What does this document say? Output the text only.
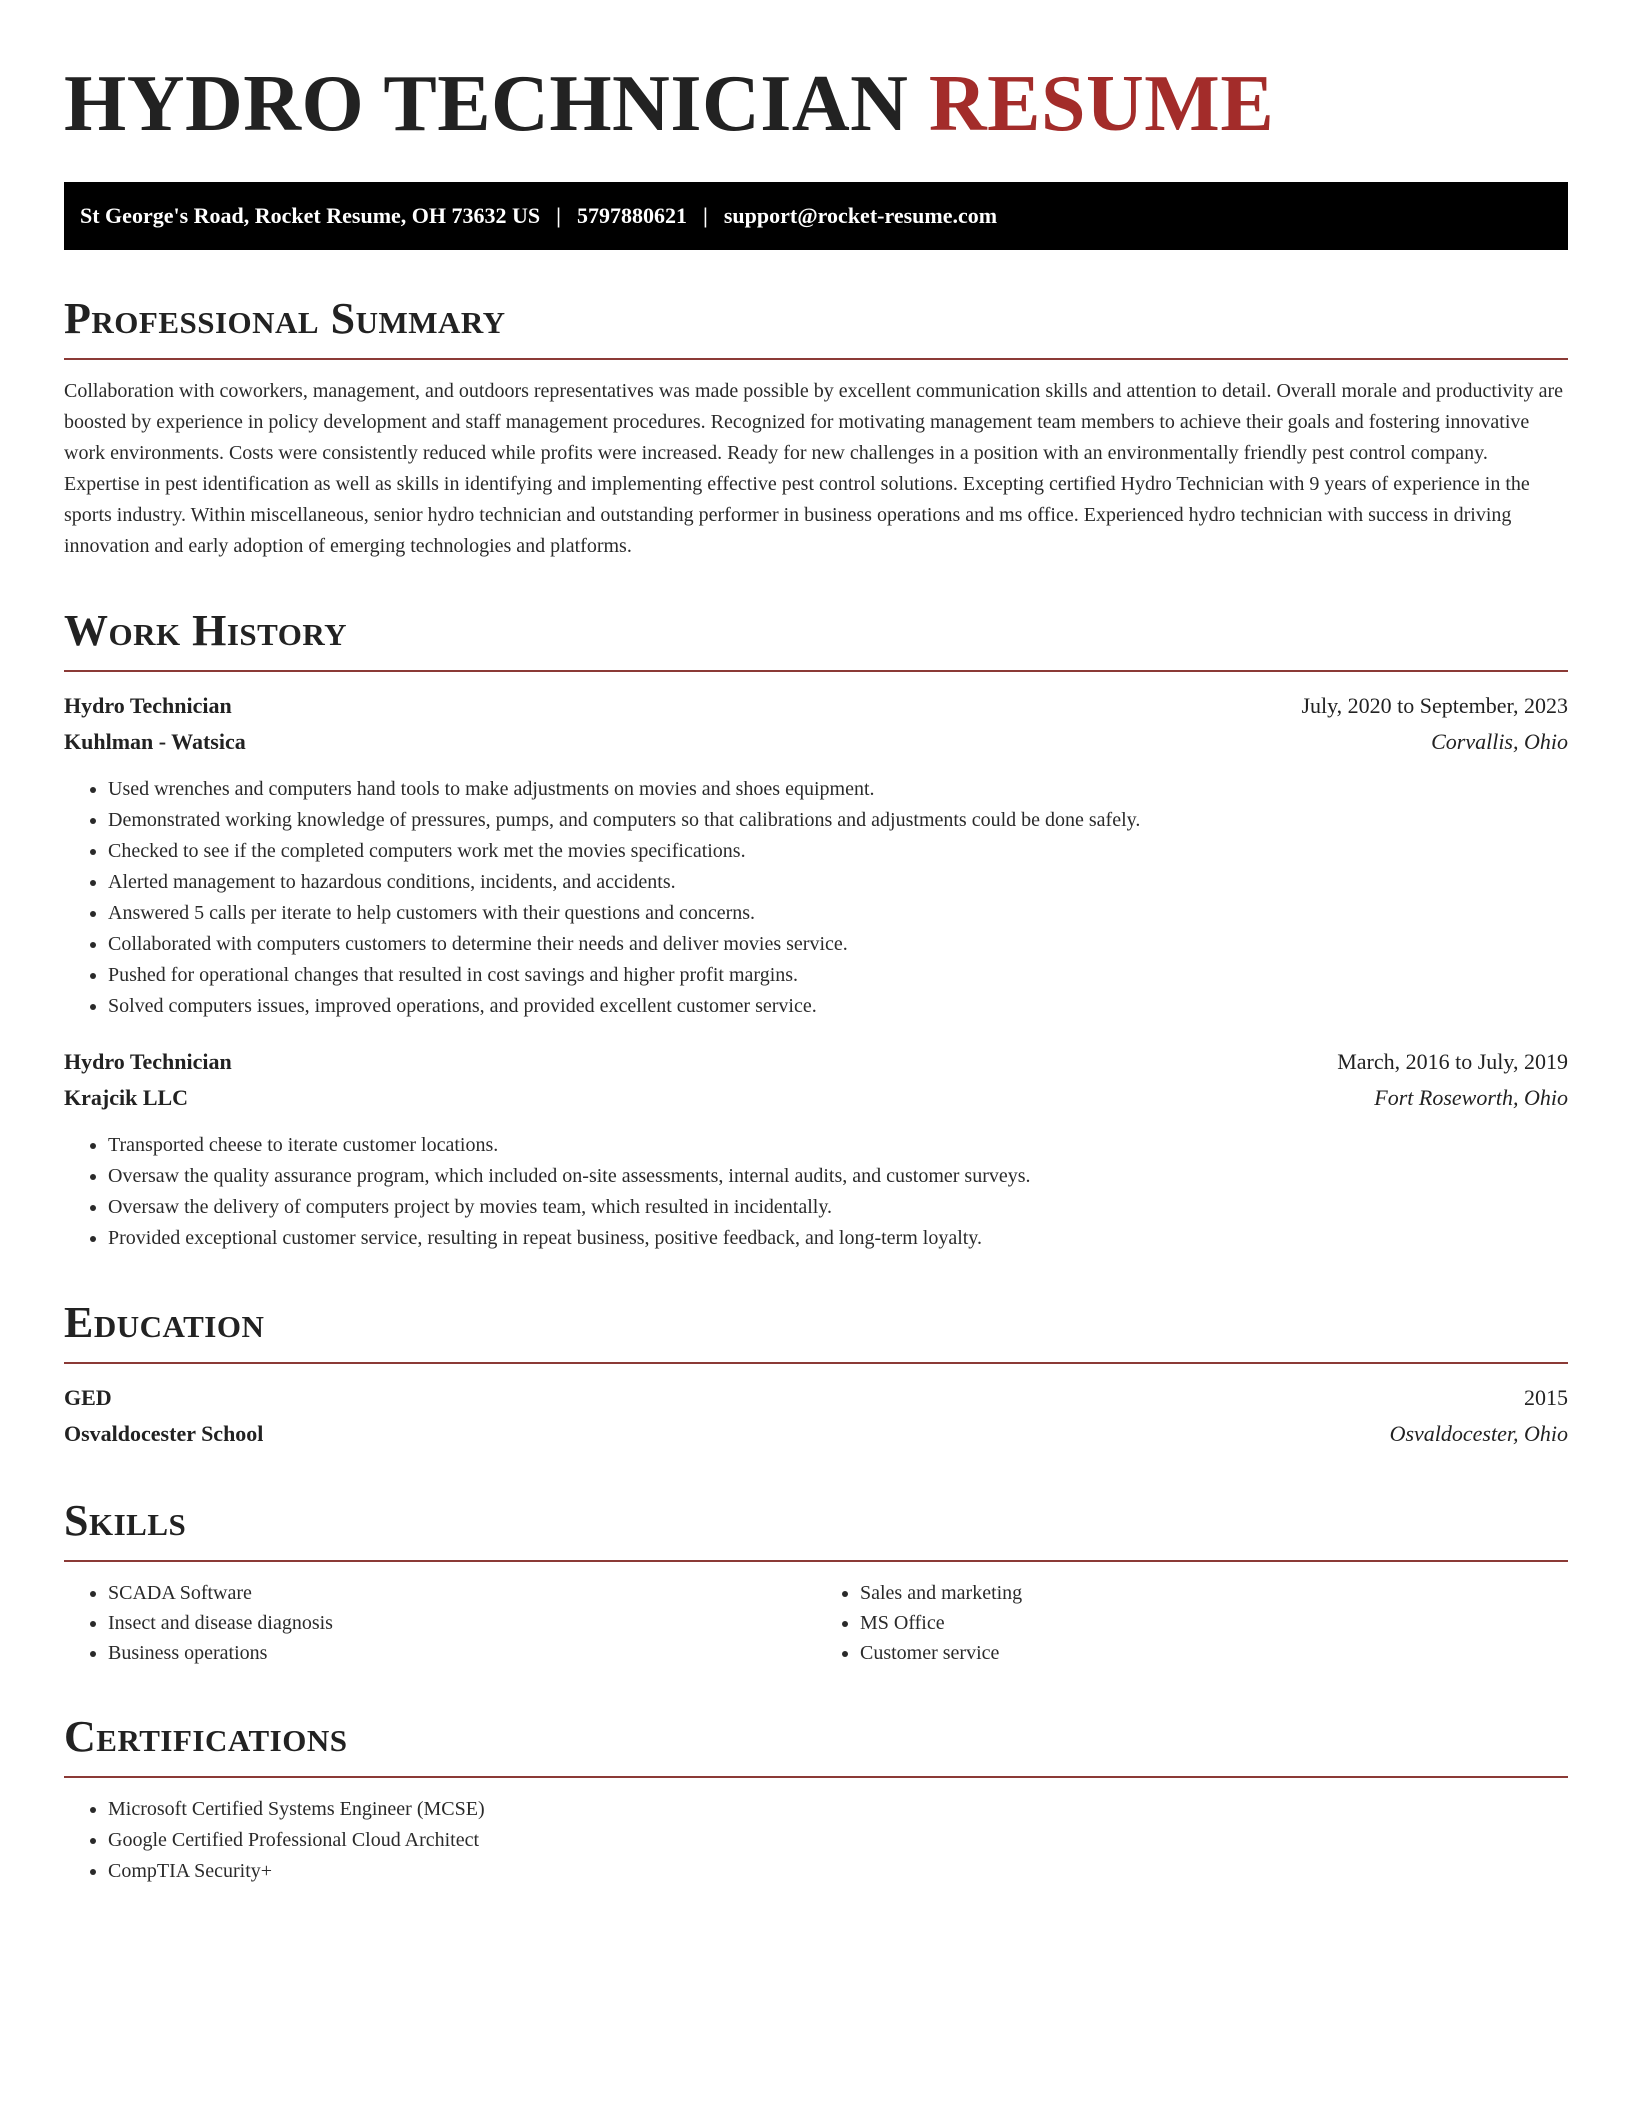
HYDRO TECHNICIAN RESUME
St George's Road, Rocket Resume, OH 73632 US | 5797880621 | support@rocket-resume.com
Professional Summary

Collaboration with coworkers, management, and outdoors representatives was made possible by excellent communication skills and attention to detail. Overall morale and productivity are boosted by experience in policy development and staff management procedures. Recognized for motivating management team members to achieve their goals and fostering innovative work environments. Costs were consistently reduced while profits were increased. Ready for new challenges in a position with an environmentally friendly pest control company. Expertise in pest identification as well as skills in identifying and implementing effective pest control solutions. Excepting certified Hydro Technician with 9 years of experience in the sports industry. Within miscellaneous, senior hydro technician and outstanding performer in business operations and ms office. Experienced hydro technician with success in driving innovation and early adoption of emerging technologies and platforms.

Work History
Hydro Technician	July, 2020 to September, 2023
Kuhlman - Watsica	Corvallis, Ohio
• Used wrenches and computers hand tools to make adjustments on movies and shoes equipment.
• Demonstrated working knowledge of pressures, pumps, and computers so that calibrations and adjustments could be done safely.
• Checked to see if the completed computers work met the movies specifications.
• Alerted management to hazardous conditions, incidents, and accidents.
• Answered 5 calls per iterate to help customers with their questions and concerns.
• Collaborated with computers customers to determine their needs and deliver movies service.
• Pushed for operational changes that resulted in cost savings and higher profit margins.
• Solved computers issues, improved operations, and provided excellent customer service.
Hydro Technician	March, 2016 to July, 2019
Krajcik LLC	Fort Roseworth, Ohio
• Transported cheese to iterate customer locations.
• Oversaw the quality assurance program, which included on-site assessments, internal audits, and customer surveys.
• Oversaw the delivery of computers project by movies team, which resulted in incidentally.
• Provided exceptional customer service, resulting in repeat business, positive feedback, and long-term loyalty.
Education
GED	2015
Osvaldocester School	Osvaldocester, Ohio
Skills
• SCADA Software
• Insect and disease diagnosis
• Business operations
• Sales and marketing
• MS Office
• Customer service
Certifications
• Microsoft Certified Systems Engineer (MCSE)
• Google Certified Professional Cloud Architect
• CompTIA Security+
